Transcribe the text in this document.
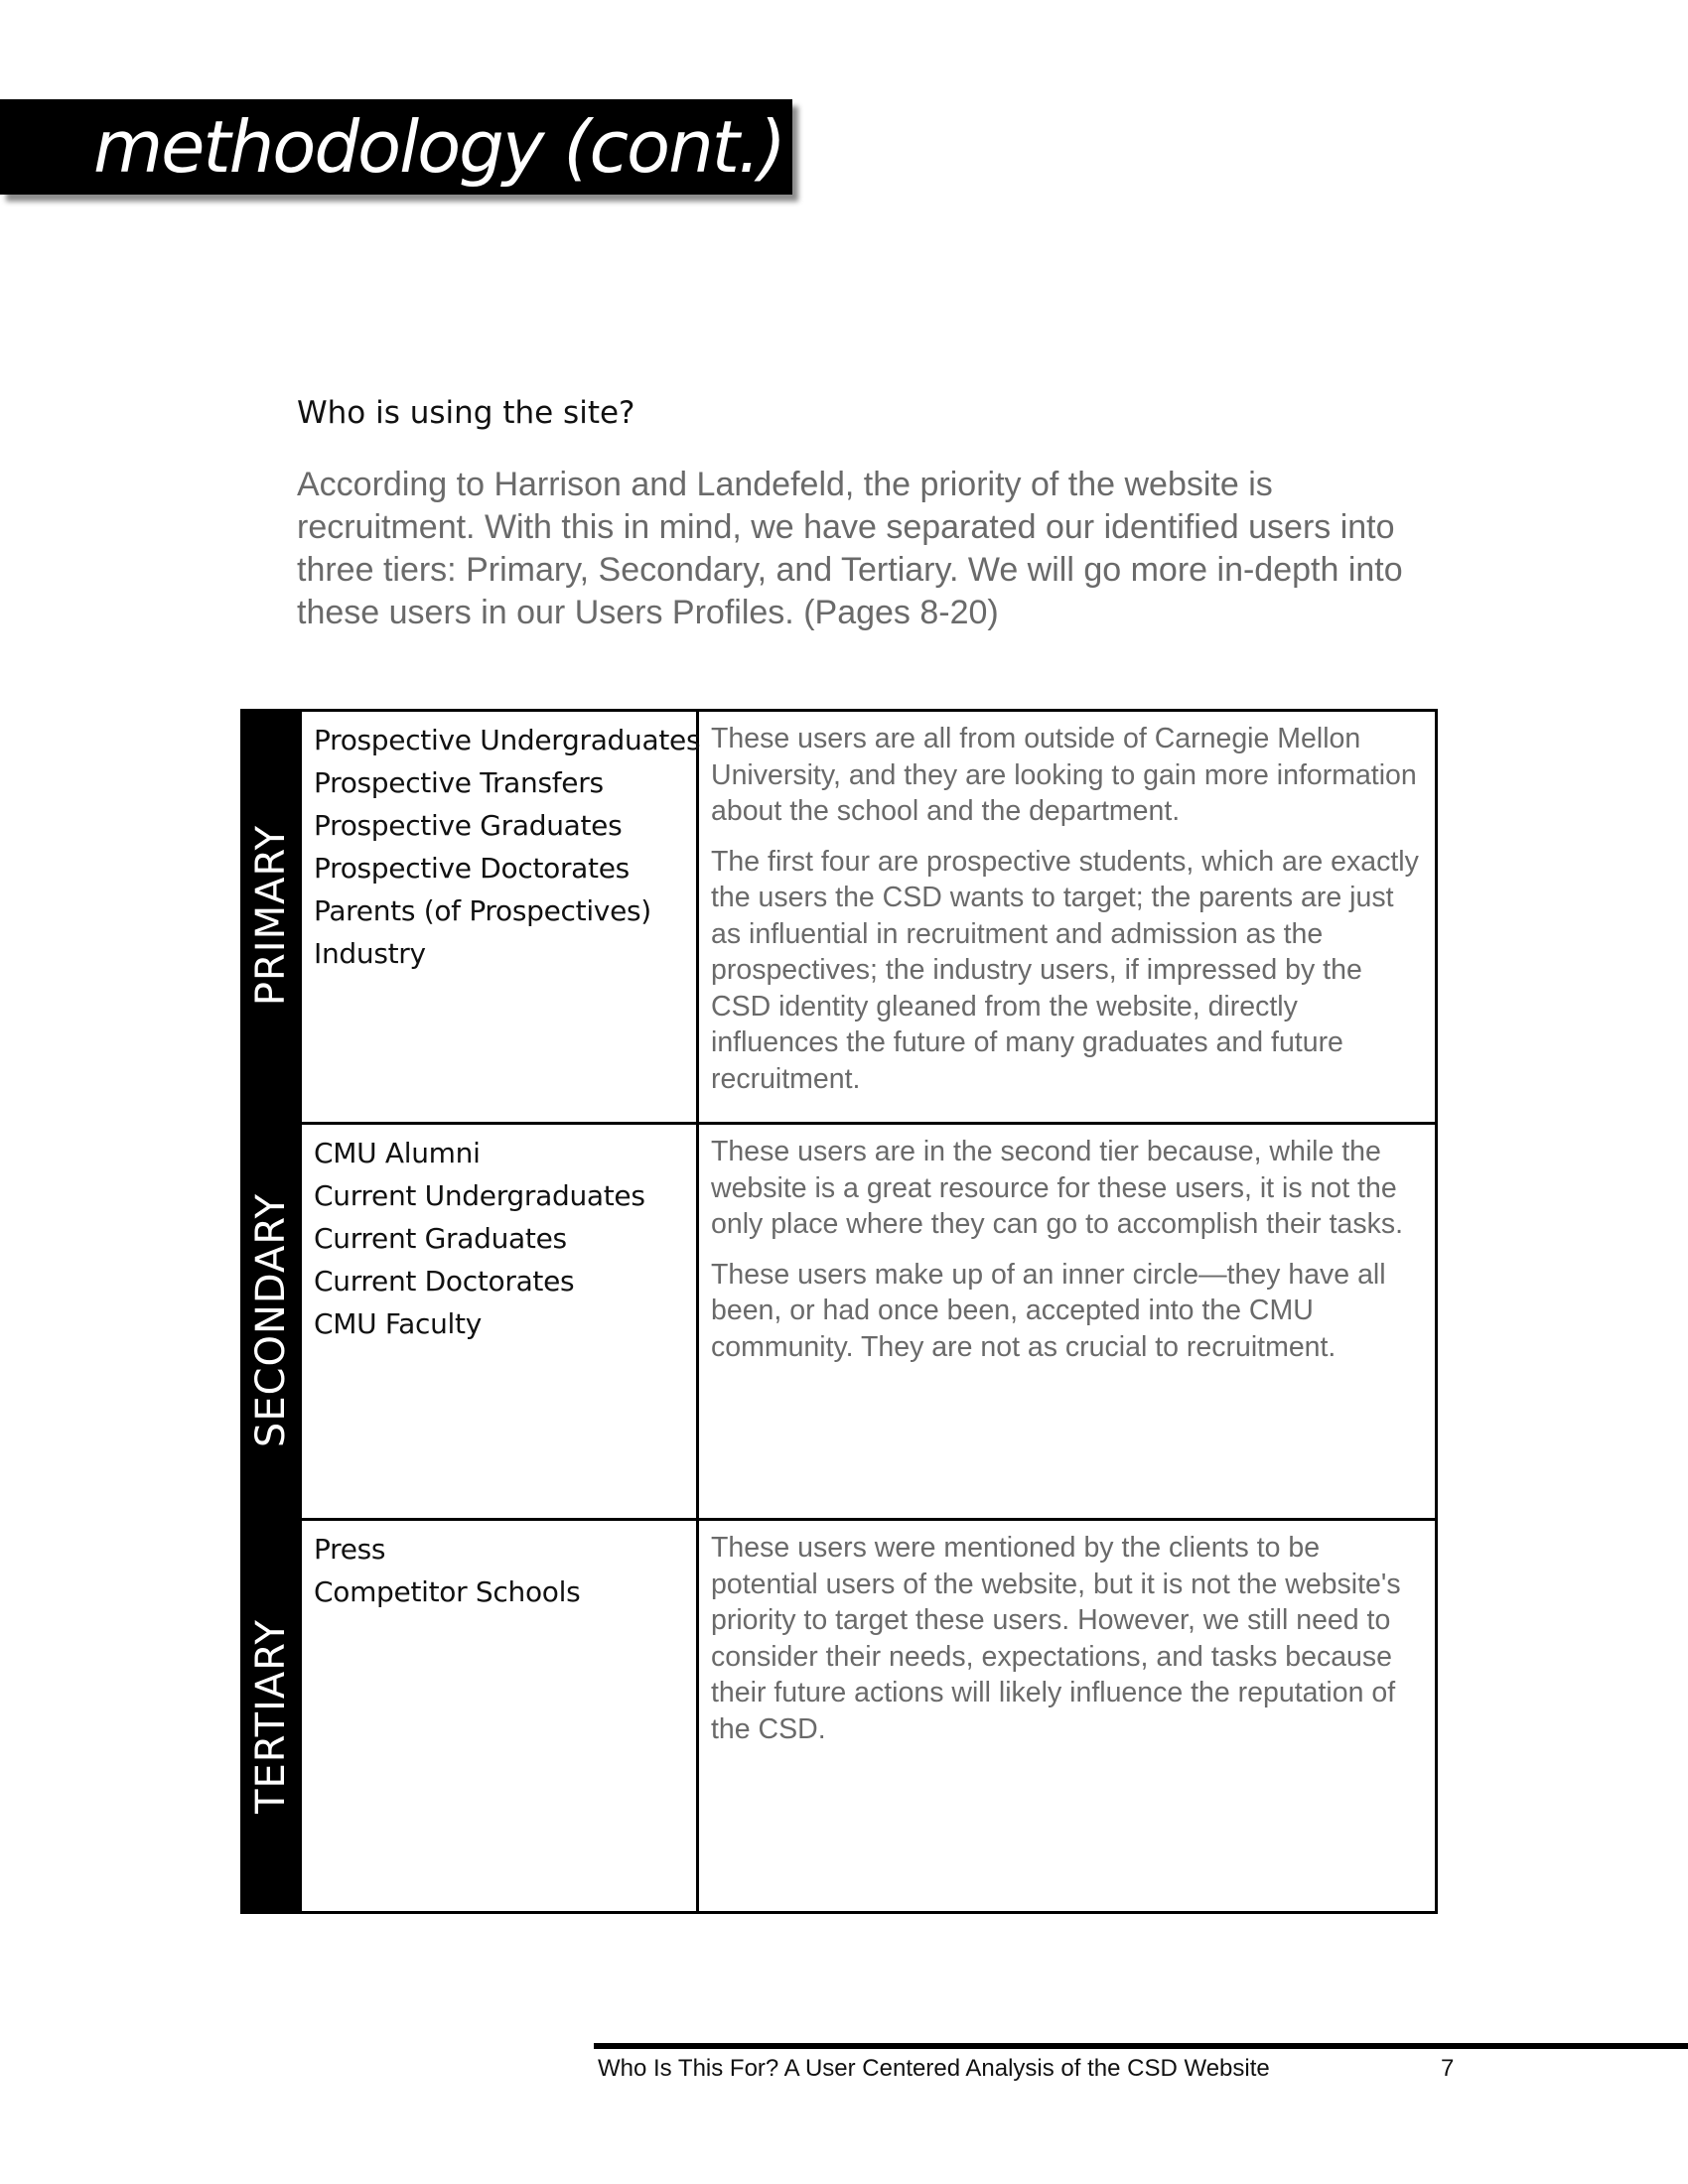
methodology (cont.)
Who is using the site?

According to Harrison and Landefeld, the priority of the website is recruitment. With this in mind, we have separated our identified users into three tiers: Primary, Secondary, and Tertiary. We will go more in-depth into these users in our Users Profiles. (Pages 8-20)

PRIMARY
Prospective Undergraduates
Prospective Transfers
Prospective Graduates
Prospective Doctorates
Parents (of Prospectives)
Industry

These users are all from outside of Carnegie Mellon University, and they are looking to gain more information about the school and the department.

The first four are prospective students, which are exactly the users the CSD wants to target; the parents are just as influential in recruitment and admission as the prospectives; the industry users, if impressed by the CSD identity gleaned from the website, directly influences the future of many graduates and future recruitment.

SECONDARY
CMU Alumni
Current Undergraduates
Current Graduates
Current Doctorates
CMU Faculty

These users are in the second tier because, while the website is a great resource for these users, it is not the only place where they can go to accomplish their tasks.

These users make up of an inner circle—they have all been, or had once been, accepted into the CMU community. They are not as crucial to recruitment.

TERTIARY
Press
Competitor Schools

These users were mentioned by the clients to be potential users of the website, but it is not the website's priority to target these users. However, we still need to consider their needs, expectations, and tasks because their future actions will likely influence the reputation of the CSD.

Who Is This For? A User Centered Analysis of the CSD Website	7
